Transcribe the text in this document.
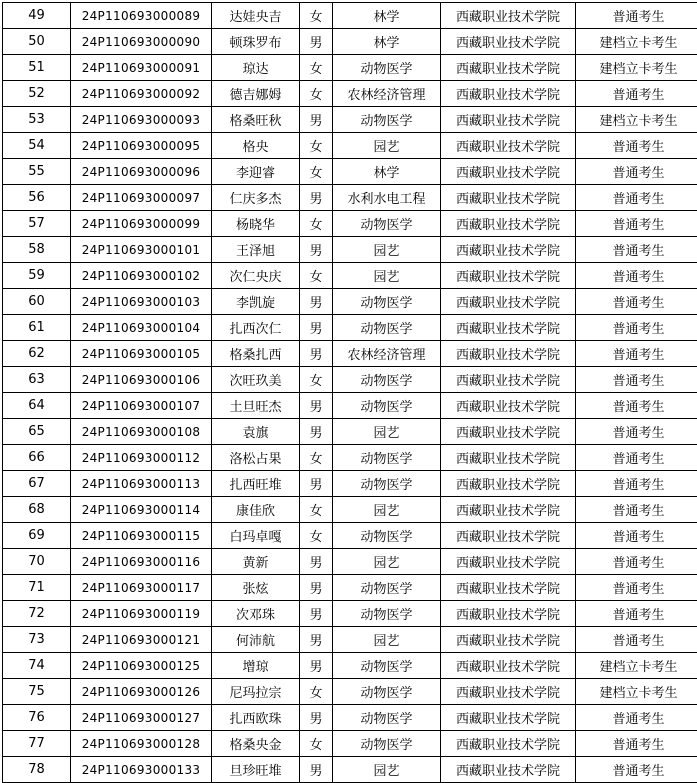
49	24P110693000089	达娃央吉	女	林学	西藏职业技术学院	普通考生
50	24P110693000090	顿珠罗布	男	林学	西藏职业技术学院	建档立卡考生
51	24P110693000091	琼达	女	动物医学	西藏职业技术学院	建档立卡考生
52	24P110693000092	德吉娜姆	女	农林经济管理	西藏职业技术学院	普通考生
53	24P110693000093	格桑旺秋	男	动物医学	西藏职业技术学院	建档立卡考生
54	24P110693000095	格央	女	园艺	西藏职业技术学院	普通考生
55	24P110693000096	李迎睿	女	林学	西藏职业技术学院	普通考生
56	24P110693000097	仁庆多杰	男	水利水电工程	西藏职业技术学院	普通考生
57	24P110693000099	杨晓华	女	动物医学	西藏职业技术学院	普通考生
58	24P110693000101	王泽旭	男	园艺	西藏职业技术学院	普通考生
59	24P110693000102	次仁央庆	女	园艺	西藏职业技术学院	普通考生
60	24P110693000103	李凯旋	男	动物医学	西藏职业技术学院	普通考生
61	24P110693000104	扎西次仁	男	动物医学	西藏职业技术学院	普通考生
62	24P110693000105	格桑扎西	男	农林经济管理	西藏职业技术学院	普通考生
63	24P110693000106	次旺玖美	女	动物医学	西藏职业技术学院	普通考生
64	24P110693000107	土旦旺杰	男	动物医学	西藏职业技术学院	普通考生
65	24P110693000108	袁旗	男	园艺	西藏职业技术学院	普通考生
66	24P110693000112	洛松占果	女	动物医学	西藏职业技术学院	普通考生
67	24P110693000113	扎西旺堆	男	动物医学	西藏职业技术学院	普通考生
68	24P110693000114	康佳欣	女	园艺	西藏职业技术学院	普通考生
69	24P110693000115	白玛卓嘎	女	动物医学	西藏职业技术学院	普通考生
70	24P110693000116	黄新	男	园艺	西藏职业技术学院	普通考生
71	24P110693000117	张炫	男	动物医学	西藏职业技术学院	普通考生
72	24P110693000119	次邓珠	男	动物医学	西藏职业技术学院	普通考生
73	24P110693000121	何沛航	男	园艺	西藏职业技术学院	普通考生
74	24P110693000125	增琼	男	动物医学	西藏职业技术学院	建档立卡考生
75	24P110693000126	尼玛拉宗	女	动物医学	西藏职业技术学院	建档立卡考生
76	24P110693000127	扎西欧珠	男	动物医学	西藏职业技术学院	普通考生
77	24P110693000128	格桑央金	女	动物医学	西藏职业技术学院	普通考生
78	24P110693000133	旦珍旺堆	男	园艺	西藏职业技术学院	普通考生
